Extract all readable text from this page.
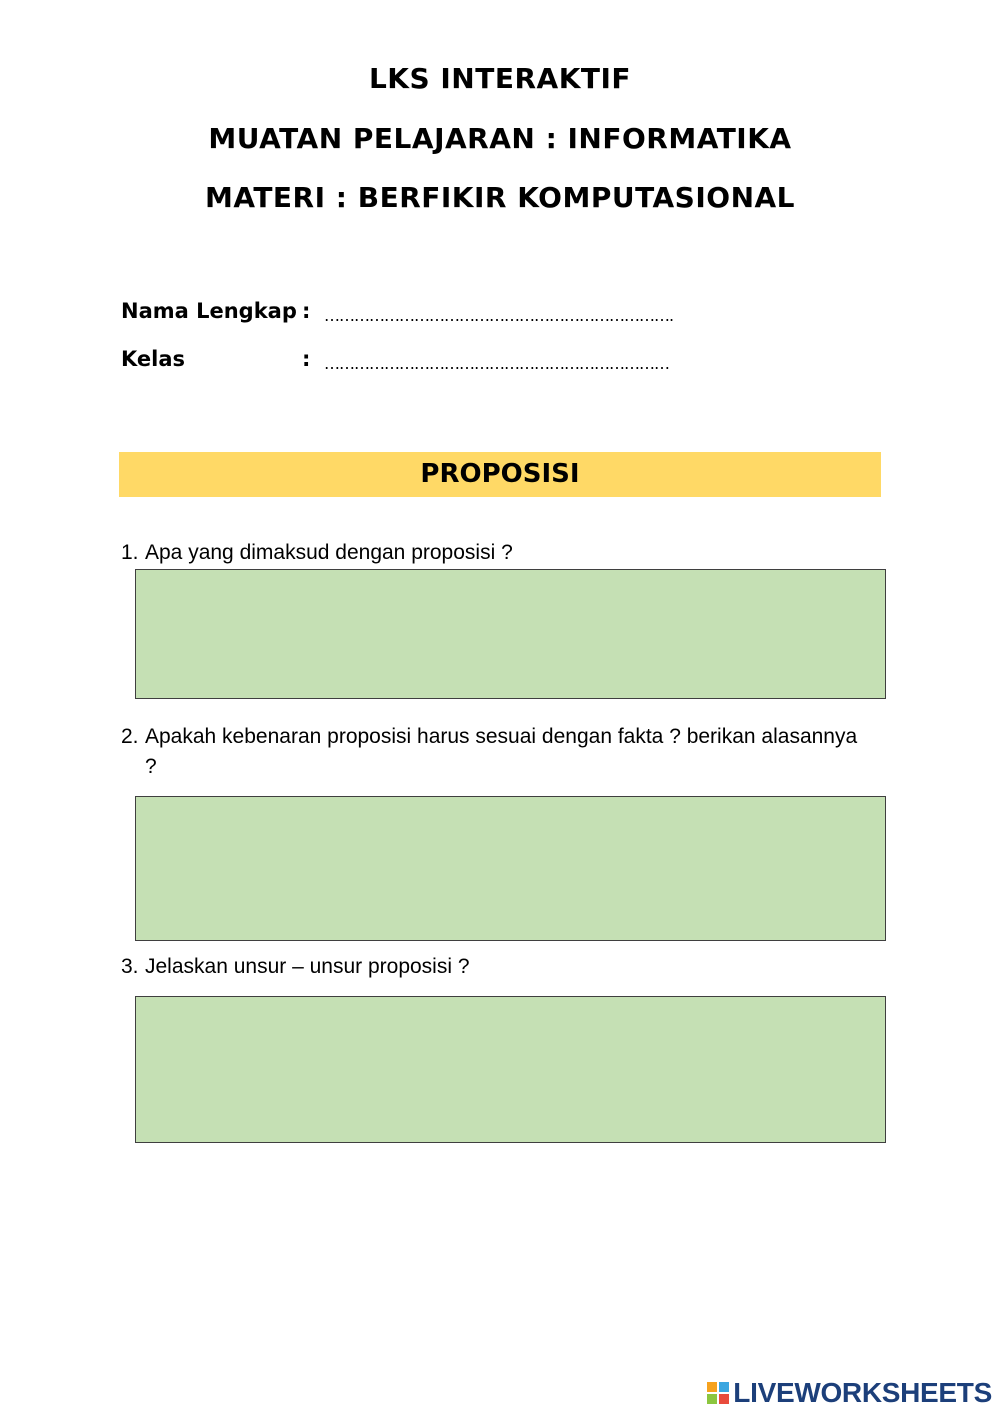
LKS INTERAKTIF
MUATAN PELAJARAN : INFORMATIKA
MATERI : BERFIKIR KOMPUTASIONAL
Nama Lengkap : …………………………………………………………….
Kelas	: ……………………………………………………………
PROPOSISI
1. Apa yang dimaksud dengan proposisi ?
2. Apakah kebenaran proposisi harus sesuai dengan fakta ? berikan alasannya ?
3. Jelaskan unsur – unsur proposisi ?
LIVEWORKSHEETS
